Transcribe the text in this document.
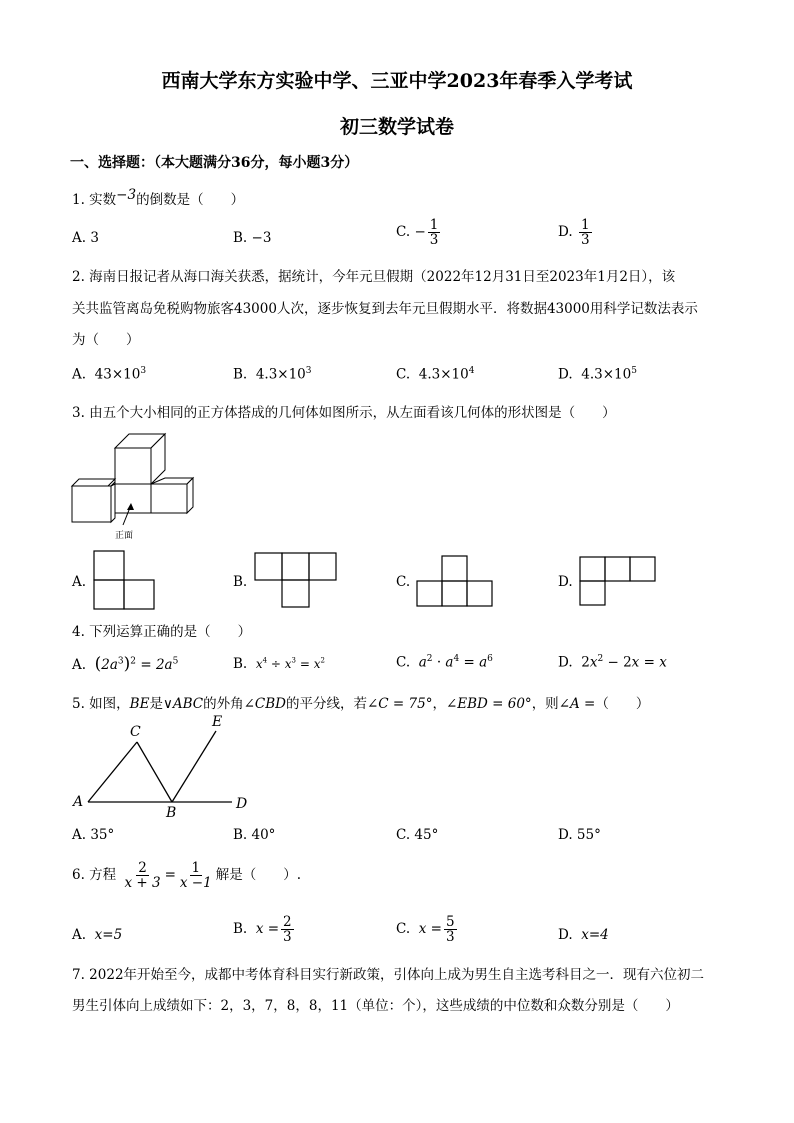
西南大学东方实验中学、三亚中学2023年春季入学考试
初三数学试卷
一、选择题：（本大题满分36分，每小题3分）
1. 实数−3的倒数是（　　）
A. 3	B. −3	C. − $\frac{1}{3}$	D. $\frac{1}{3}$
2. 海南日报记者从海口海关获悉，据统计，今年元旦假期（2022年12月31日至2023年1月2日），该
关共监管离岛免税购物旅客43000人次，逐步恢复到去年元旦假期水平．将数据43000用科学记数法表示
为（　　）
A. $43\times 10^3$	B. $4.3\times 10^3$	C. $4.3\times 10^4$	D. $4.3\times 10^5$
3. 由五个大小相同的正方体搭成的几何体如图所示，从左面看该几何体的形状图是（　　）
正面
A.	B.	C.	D.
4. 下列运算正确的是（　　）
A. $(2a^3)^2 = 2a^5$	B. $x^4 \div x^3 = x^2$	C. $a^2 \cdot a^4 = a^6$	D.  $2x^2 - 2x = x$
5. 如图，BE是∨ABC的外角∠CBD的平分线，若∠C = 75°，∠EBD = 60°，则∠A =（　　）
C
E
A
B
D
A. 35°	B. 40°	C. 45°	D. 55°
6. 方程 $\frac{2}{x + 3} = \frac{1}{x -1}$ 解是（　　）.
A. x=5	B. $x = \frac{2}{3}$	C. $x = \frac{5}{3}$	D. x=4
7. 2022年开始至今，成都中考体育科目实行新政策，引体向上成为男生自主选考科目之一．现有六位初二
男生引体向上成绩如下：2，3，7，8，8，11（单位：个），这些成绩的中位数和众数分别是（　　）
